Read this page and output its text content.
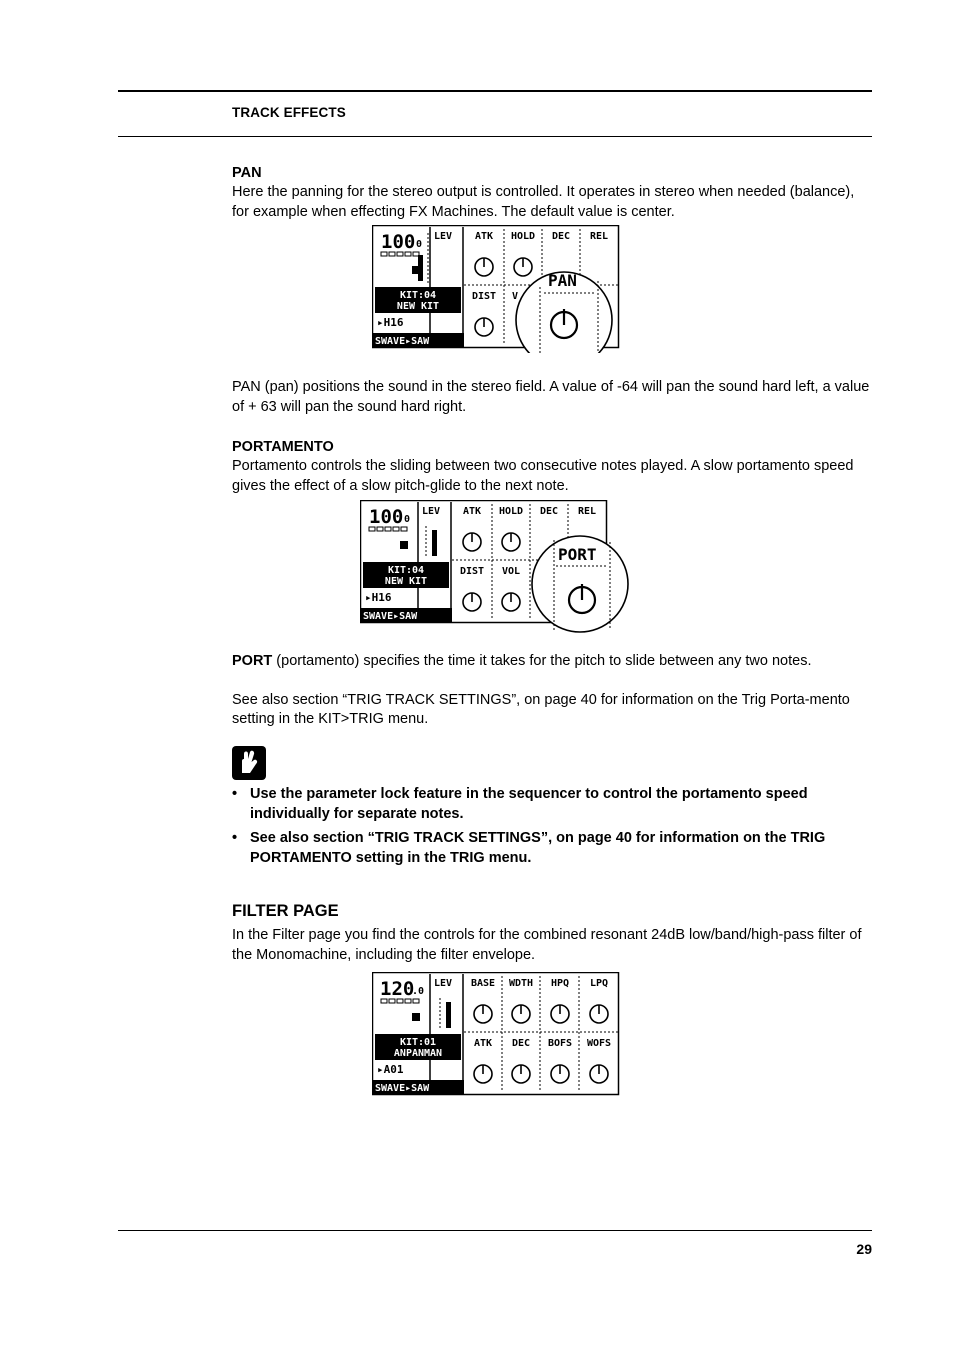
TRACK EFFECTS

PAN

Here the panning for the stereo output is controlled. It operates in stereo when needed (balance), for example when effecting FX Machines. The default value is center.

100 0
KIT:04
NEW KIT
▸H16
SWAVE▸SAW
LEV ATK HOLD DEC REL
DIST V
PAN

PAN (pan) positions the sound in the stereo field. A value of -64 will pan the sound hard left, a value of + 63 will pan the sound hard right.

PORTAMENTO

Portamento controls the sliding between two consecutive notes played. A slow portamento speed gives the effect of a slow pitch-glide to the next note.

100 0
KIT:04
NEW KIT
▸H16
SWAVE▸SAW
LEV ATK HOLD DEC REL
DIST VOL
PORT

PORT (portamento) specifies the time it takes for the pitch to slide between any two notes.

See also section “TRIG TRACK SETTINGS”, on page 40 for information on the Trig Porta-mento setting in the KIT>TRIG menu.

• Use the parameter lock feature in the sequencer to control the portamento speed individually for separate notes.
• See also section “TRIG TRACK SETTINGS”, on page 40 for information on the TRIG PORTAMENTO setting in the TRIG menu.

FILTER PAGE

In the Filter page you find the controls for the combined resonant 24dB low/band/high-pass filter of the Monomachine, including the filter envelope.

120
.0
KIT:01
ANPANMAN
▸A01
SWAVE▸SAW
LEV BASE WDTH HPQ LPQ
ATK DEC BOFS WOFS
29
